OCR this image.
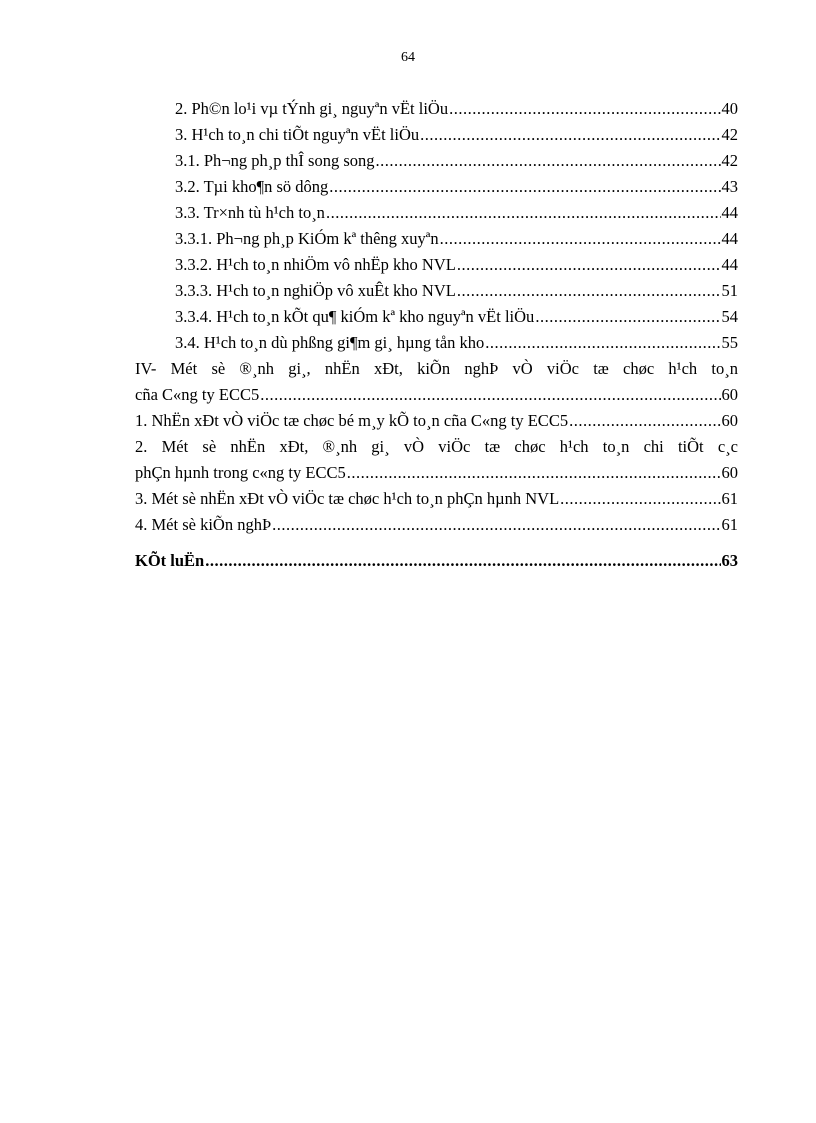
64
2. Ph©n lo¹i vµ tÝnh gi¸ nguyªn vËt liÖu .....	40
3. H¹ch to¸n chi tiÕt nguyªn vËt liÖu .....	42
3.1. Ph¬ng ph¸p thÎ song song .....	42
3.2. Tµi kho¶n sö dông .....	43
3.3. Tr×nh tù h¹ch to¸n .....	44
3.3.1. Ph¬ng ph¸p KiÓm kª thêng xuyªn .....	44
3.3.2. H¹ch to¸n nhiÖm vô nhËp kho NVL .....	44
3.3.3. H¹ch to¸n nghiÖp vô xuÊt kho NVL .....	51
3.3.4. H¹ch to¸n kÕt qu¶ kiÓm kª kho nguyªn vËt liÖu .....	54
3.4. H¹ch to¸n dù phßng gi¶m gi¸ hµng tån kho .....	55
IV- Mét sè ®¸nh gi¸, nhËn xÐt, kiÕn nghÞ vÒ viÖc tæ chøc h¹ch to¸n
cña C«ng ty ECC5 .....	60
1. NhËn xÐt vÒ viÖc tæ chøc bé m¸y kÕ to¸n cña C«ng ty ECC5 .....	60
2. Mét sè nhËn xÐt, ®¸nh gi¸ vÒ viÖc tæ chøc h¹ch to¸n chi tiÕt c¸c
phÇn hµnh trong c«ng ty ECC5 .....	60
3. Mét sè nhËn xÐt vÒ viÖc tæ chøc h¹ch to¸n phÇn hµnh NVL .....	61
4. Mét sè kiÕn nghÞ .....	61
KÕt luËn .....	63
